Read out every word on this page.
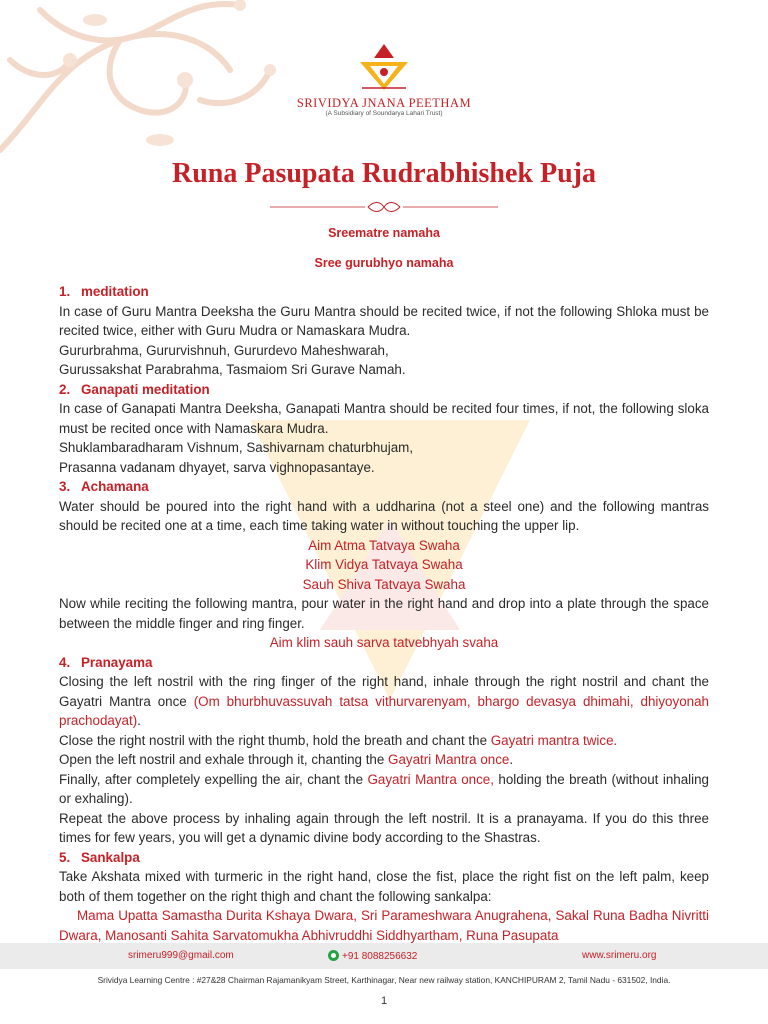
SRIVIDYA JNANA PEETHAM
(A Subsidiary of Soundarya Lahari Trust)
Runa Pasupata Rudrabhishek Puja
Sreematre namaha
Sree gurubhyo namaha

1. meditation

In case of Guru Mantra Deeksha the Guru Mantra should be recited twice, if not the following Shloka must be recited twice, either with Guru Mudra or Namaskara Mudra.

Gururbrahma, Gururvishnuh, Gururdevo Maheshwarah,

Gurussakshat Parabrahma, Tasmaiom Sri Gurave Namah.

2. Ganapati meditation

In case of Ganapati Mantra Deeksha, Ganapati Mantra should be recited four times, if not, the following sloka must be recited once with Namaskara Mudra.

Shuklambaradharam Vishnum, Sashivarnam chaturbhujam,

Prasanna vadanam dhyayet, sarva vighnopasantaye.

3. Achamana

Water should be poured into the right hand with a uddharina (not a steel one) and the following mantras should be recited one at a time, each time taking water in without touching the upper lip.

Aim Atma Tatvaya Swaha

Klim Vidya Tatvaya Swaha

Sauh Shiva Tatvaya Swaha

Now while reciting the following mantra, pour water in the right hand and drop into a plate through the space between the middle finger and ring finger.

Aim klim sauh sarva tatvebhyah svaha

4. Pranayama

Closing the left nostril with the ring finger of the right hand, inhale through the right nostril and chant the Gayatri Mantra once (Om bhurbhuvassuvah tatsa vithurvarenyam, bhargo devasya dhimahi, dhiyoyonah prachodayat).

Close the right nostril with the right thumb, hold the breath and chant the Gayatri mantra twice.

Open the left nostril and exhale through it, chanting the Gayatri Mantra once.

Finally, after completely expelling the air, chant the Gayatri Mantra once, holding the breath (without inhaling or exhaling).

Repeat the above process by inhaling again through the left nostril. It is a pranayama. If you do this three times for few years, you will get a dynamic divine body according to the Shastras.

5. Sankalpa

Take Akshata mixed with turmeric in the right hand, close the fist, place the right fist on the left palm, keep both of them together on the right thigh and chant the following sankalpa:

Mama Upatta Samastha Durita Kshaya Dwara, Sri Parameshwara Anugrahena, Sakal Runa Badha Nivritti Dwara, Manosanti Sahita Sarvatomukha Abhivruddhi Siddhyartham, Runa Pasupata

srimeru999@gmail.com	+91 8088256632	www.srimeru.org
Srividya Learning Centre : #27&28 Chairman Rajamanikyam Street, Karthinagar, Near new railway station, KANCHIPURAM 2, Tamil Nadu - 631502, India.
1
